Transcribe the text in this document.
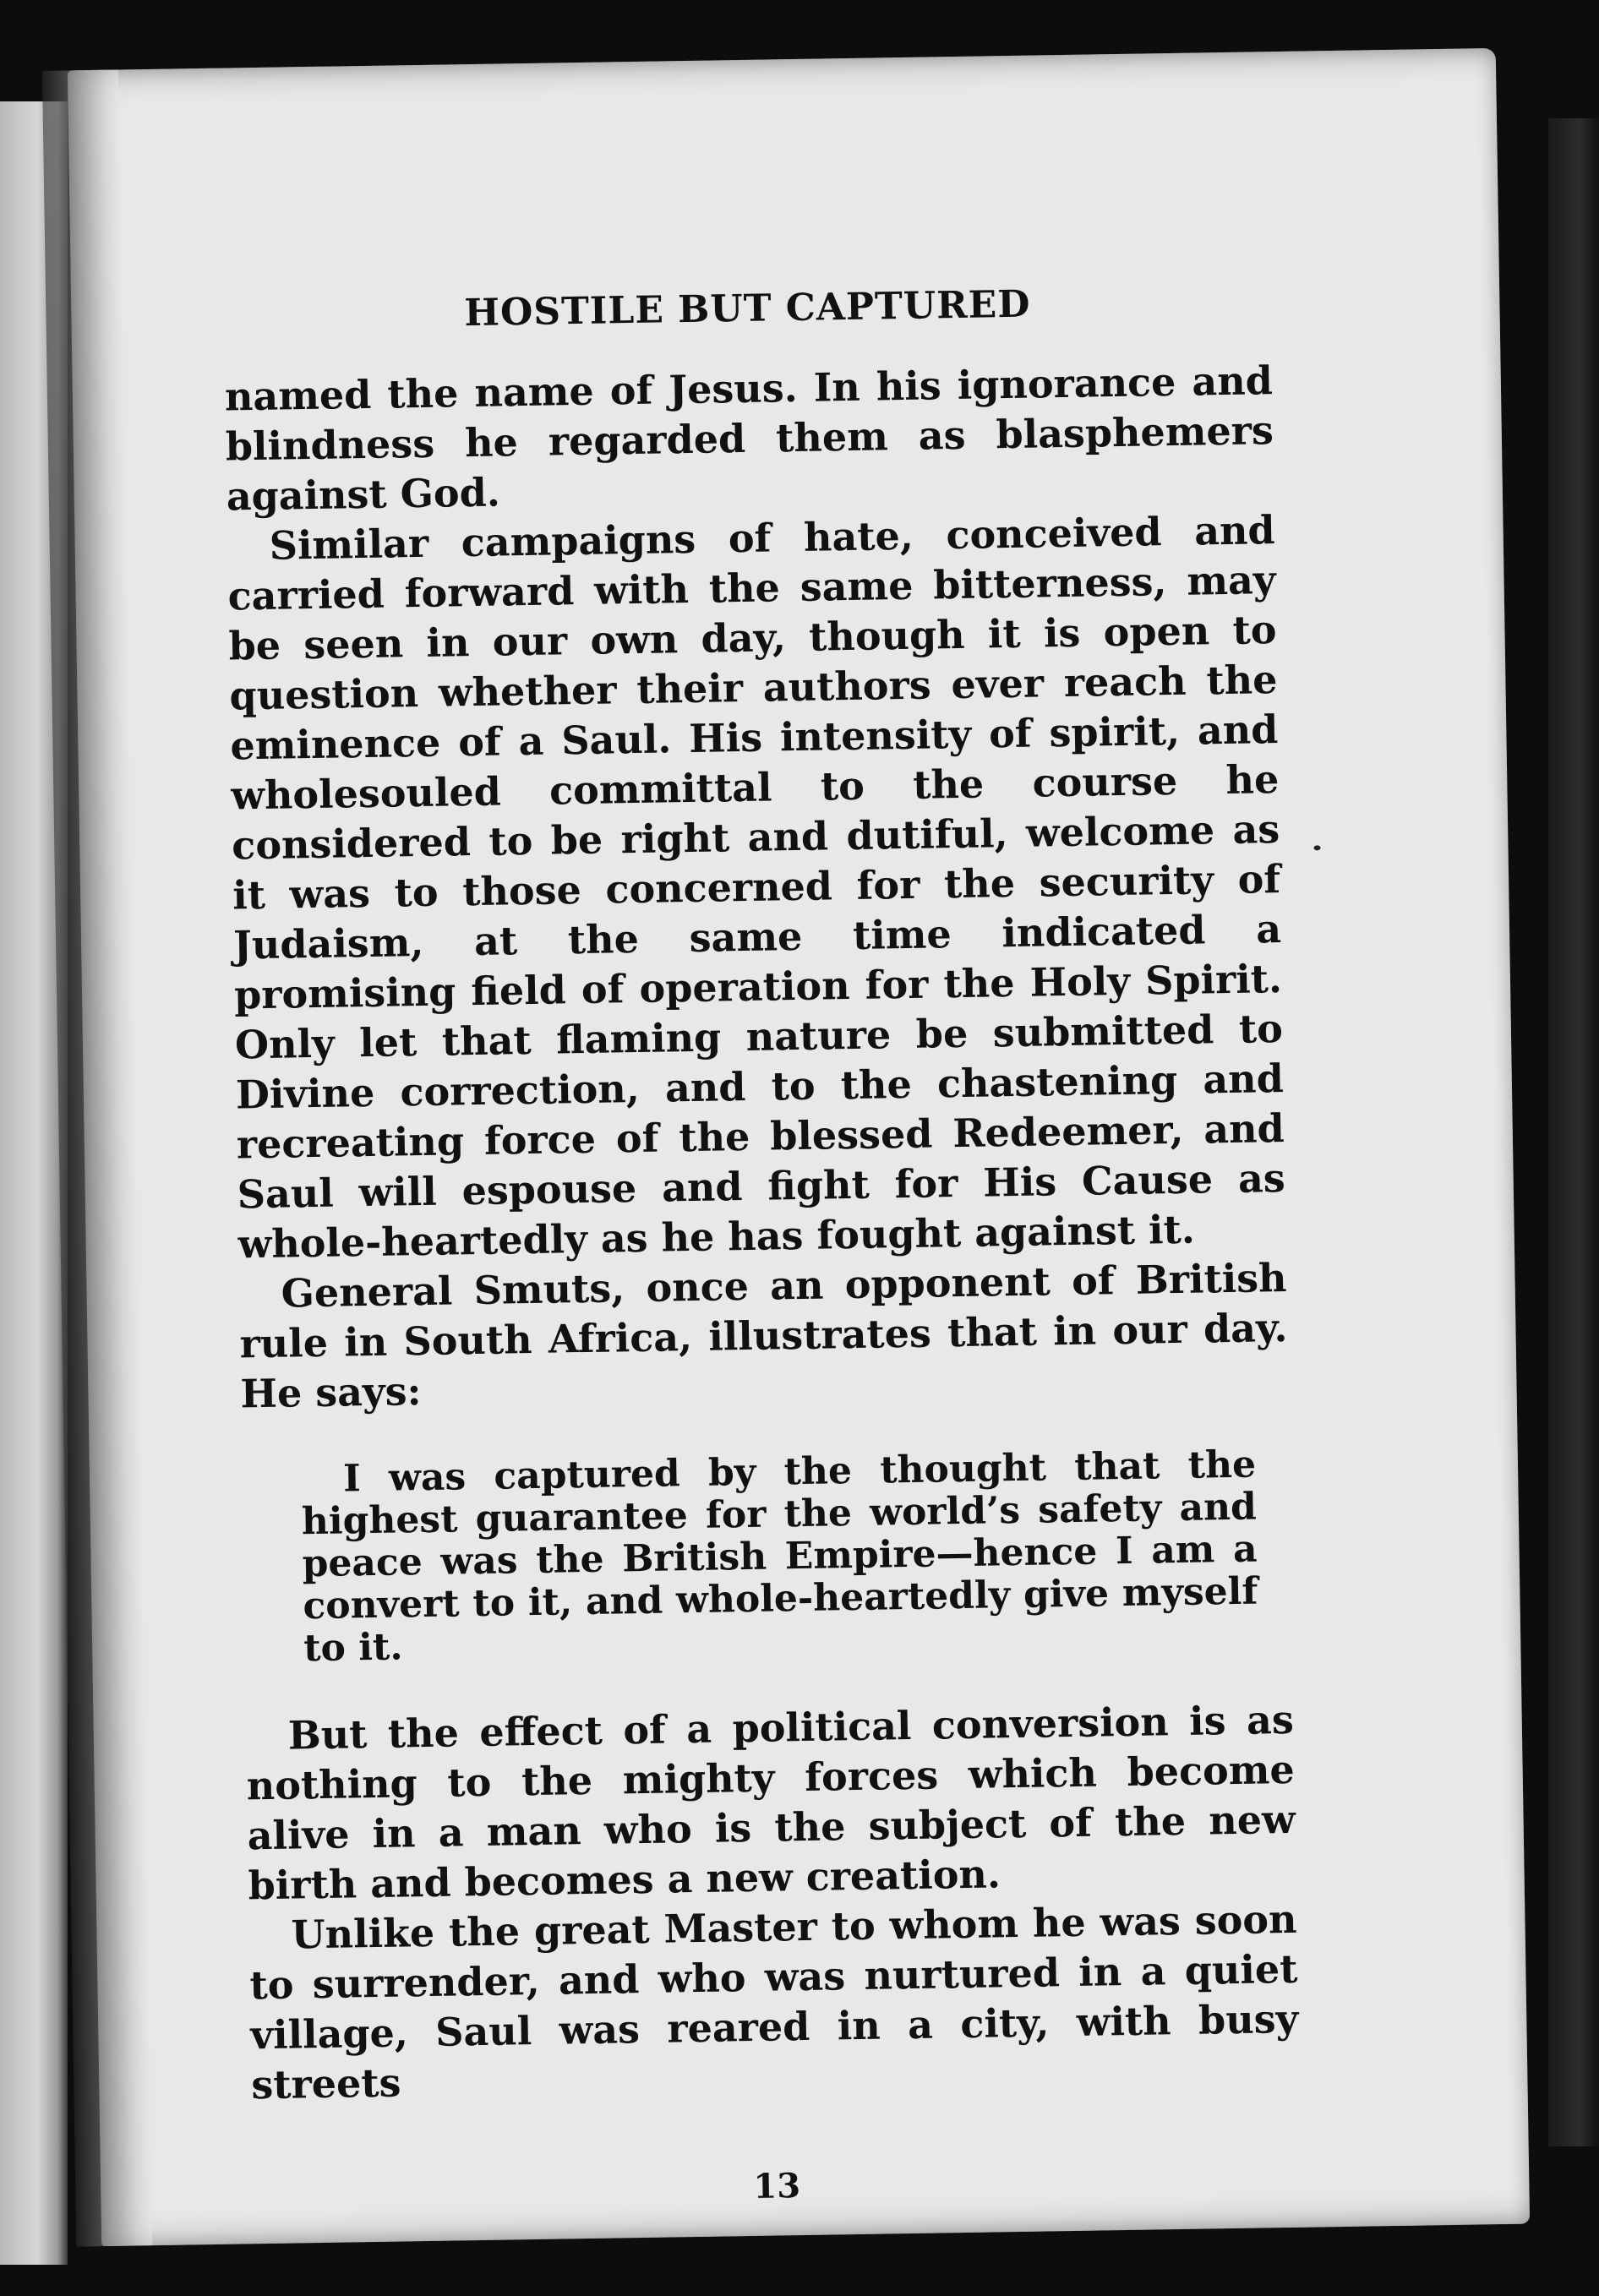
HOSTILE BUT CAPTURED

named the name of Jesus. In his ignorance and blindness he regarded them as blasphemers against God.

Similar campaigns of hate, conceived and carried forward with the same bitterness, may be seen in our own day, though it is open to question whether their authors ever reach the eminence of a Saul. His intensity of spirit, and wholesouled committal to the course he considered to be right and dutiful, welcome as it was to those concerned for the security of Judaism, at the same time indicated a promising field of operation for the Holy Spirit. Only let that flaming nature be submitted to Divine correction, and to the chastening and recreating force of the blessed Redeemer, and Saul will espouse and fight for His Cause as whole-heartedly as he has fought against it.

General Smuts, once an opponent of British rule in South Africa, illustrates that in our day. He says:

I was captured by the thought that the highest guarantee for the world’s safety and peace was the British Empire—hence I am a convert to it, and whole-heartedly give myself to it.

But the effect of a political conversion is as nothing to the mighty forces which become alive in a man who is the subject of the new birth and becomes a new creation.

Unlike the great Master to whom he was soon to surrender, and who was nurtured in a quiet village, Saul was reared in a city, with busy streets

13
